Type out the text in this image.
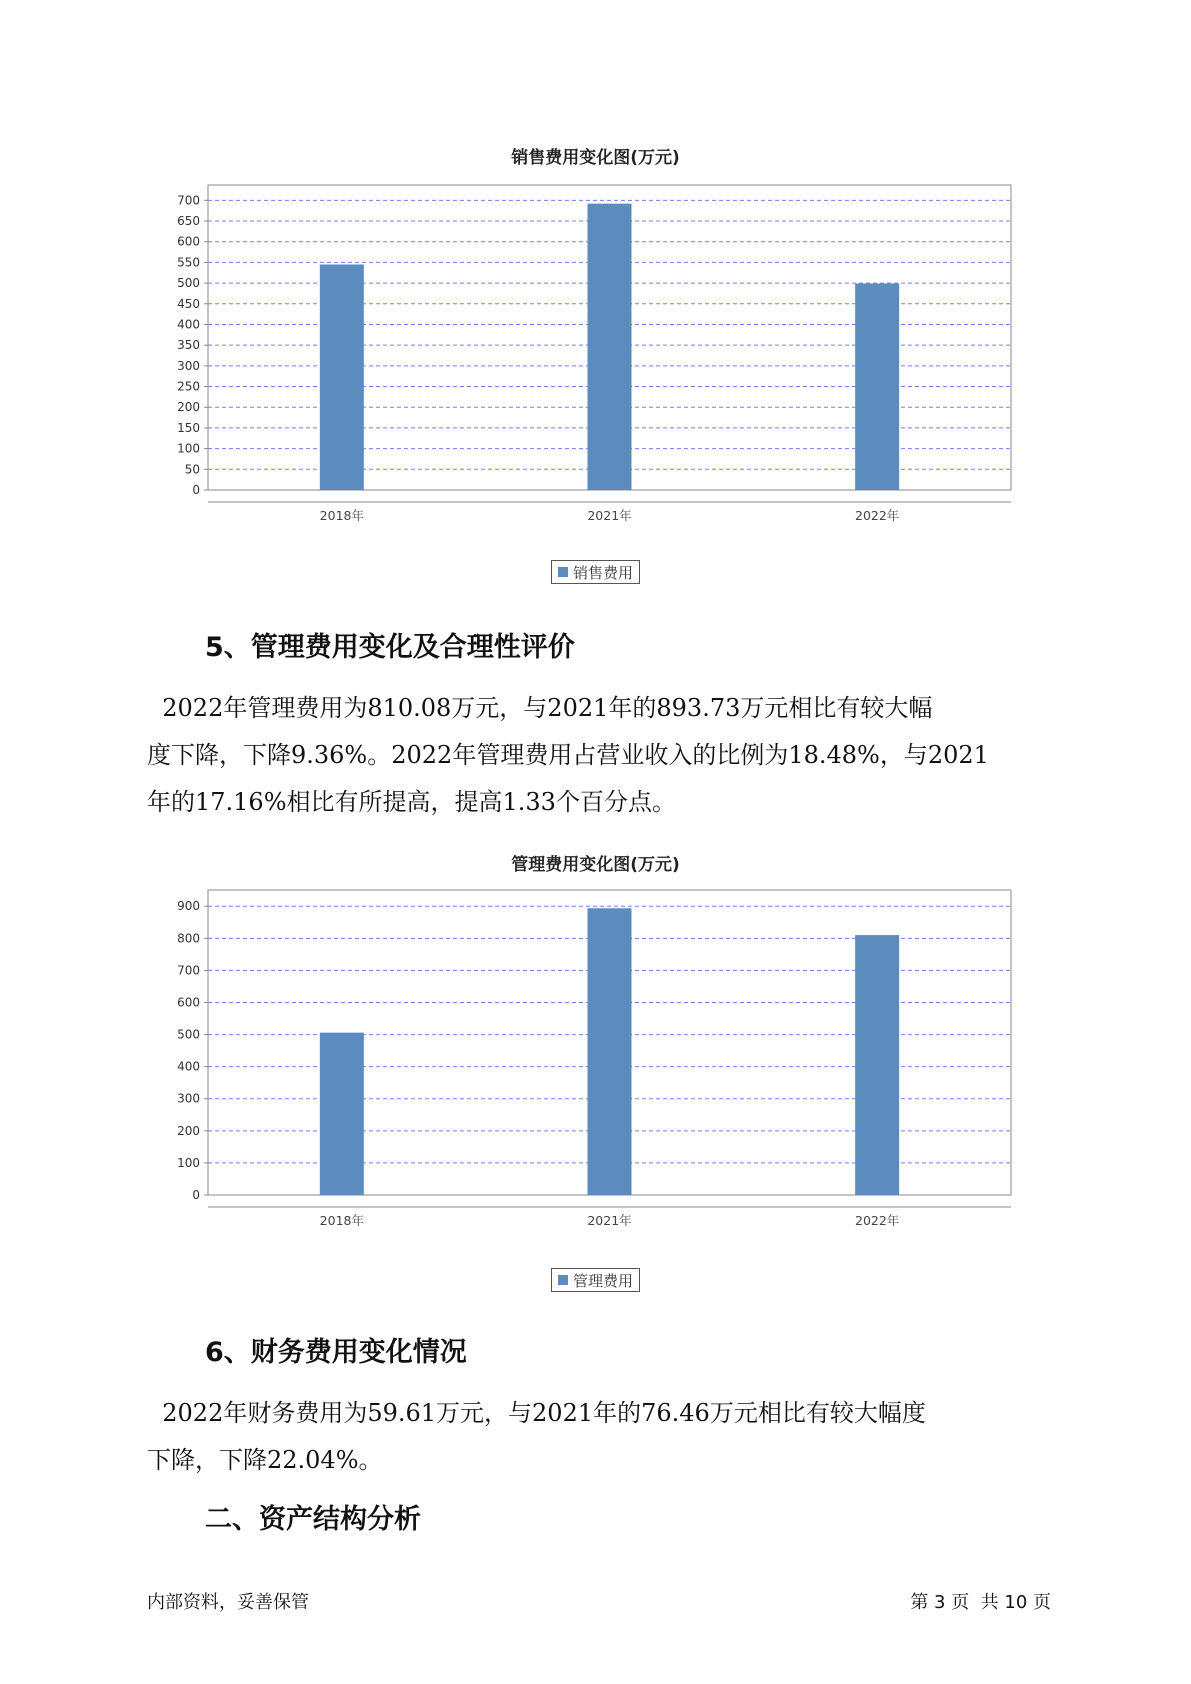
销售费用变化图(万元)
0
50
100
150
200
250
300
350
400
450
500
550
600
650
700
2018年	2021年	2022年
销售费用
5、管理费用变化及合理性评价
2022年管理费用为810.08万元，与2021年的893.73万元相比有较大幅
度下降，下降9.36%。2022年管理费用占营业收入的比例为18.48%，与2021
年的17.16%相比有所提高，提高1.33个百分点。
管理费用变化图(万元)
0
100
200
300
400
500
600
700
800
900
2018年	2021年	2022年
管理费用
6、财务费用变化情况
2022年财务费用为59.61万元，与2021年的76.46万元相比有较大幅度
下降，下降22.04%。
二、资产结构分析
内部资料，妥善保管	第 3 页  共 10 页
